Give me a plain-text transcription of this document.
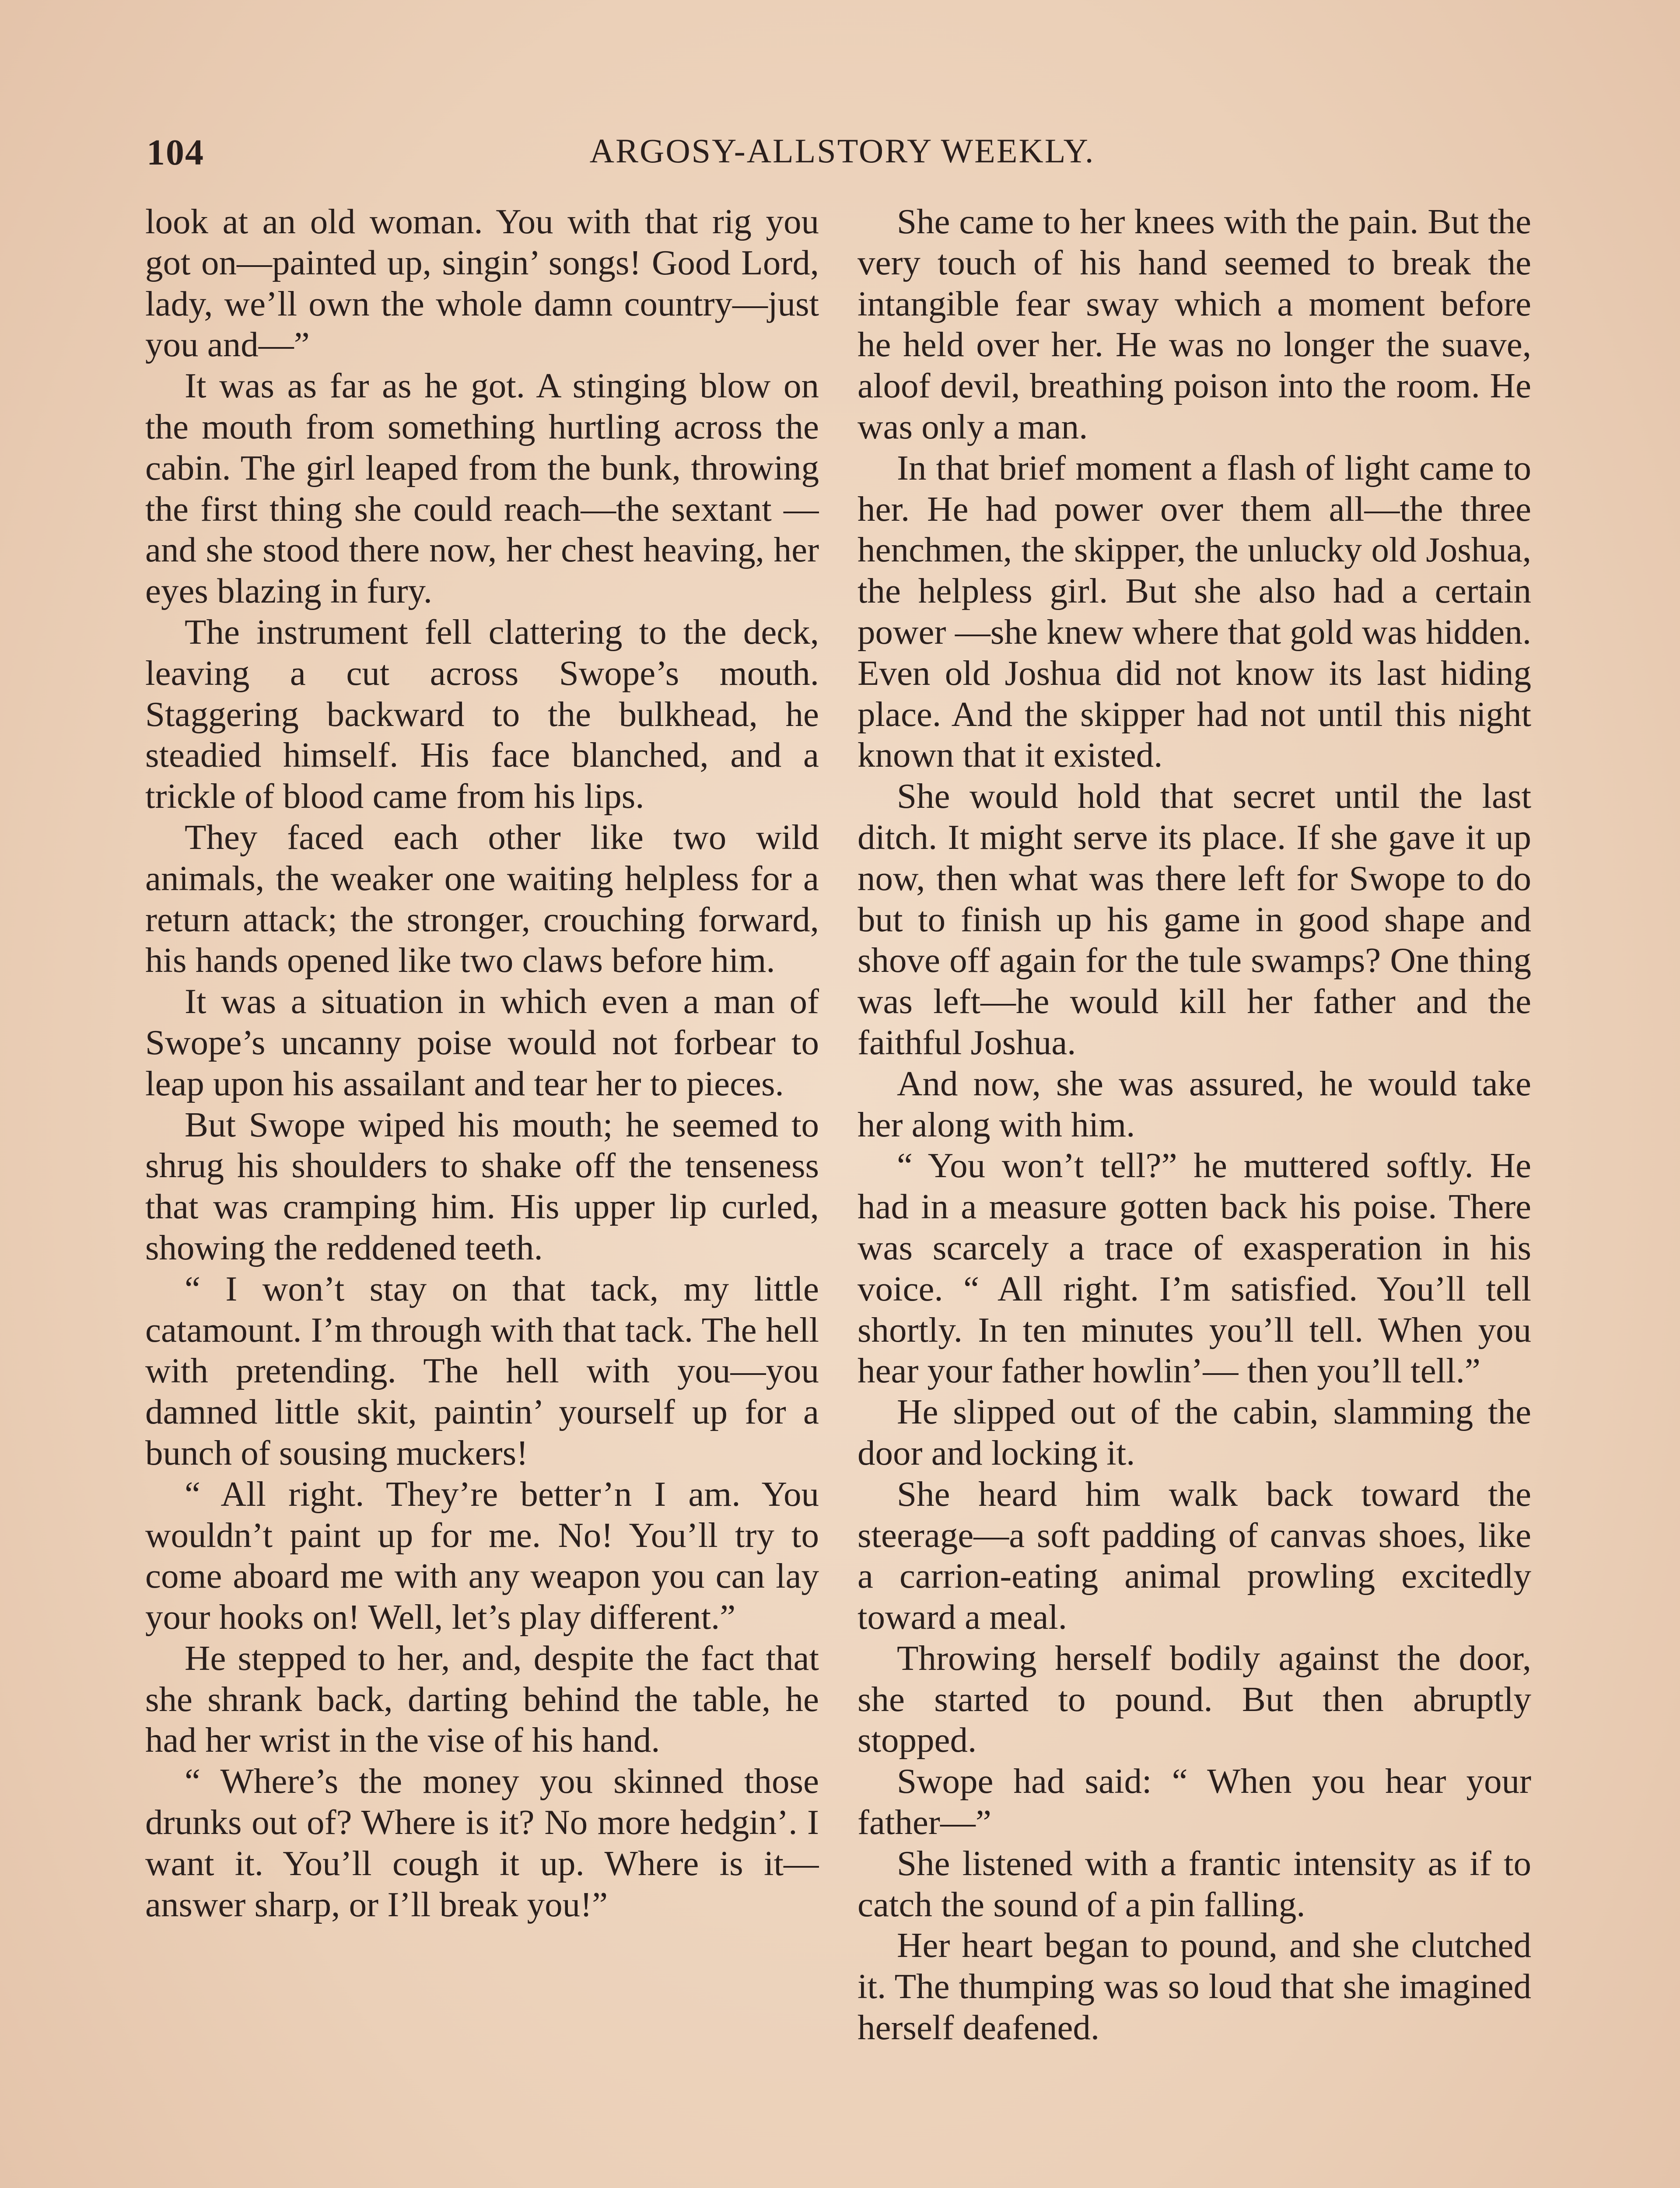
104	ARGOSY-ALLSTORY WEEKLY.

look at an old woman. You with that rig you got on—painted up, singin’ songs! Good Lord, lady, we’ll own the whole damn country—just you and—”

It was as far as he got. A stinging blow on the mouth from something hurtling across the cabin. The girl leaped from the bunk, throwing the first thing she could reach—the sextant —and she stood there now, her chest heaving, her eyes blazing in fury.

The instrument fell clattering to the deck, leaving a cut across Swope’s mouth. Staggering backward to the bulkhead, he steadied himself. His face blanched, and a trickle of blood came from his lips.

They faced each other like two wild animals, the weaker one waiting helpless for a return attack; the stronger, crouching forward, his hands opened like two claws before him.

It was a situation in which even a man of Swope’s uncanny poise would not forbear to leap upon his assailant and tear her to pieces.

But Swope wiped his mouth; he seemed to shrug his shoulders to shake off the tenseness that was cramping him. His upper lip curled, showing the reddened teeth.

“ I won’t stay on that tack, my little catamount. I’m through with that tack. The hell with pretending. The hell with you—you damned little skit, paintin’ yourself up for a bunch of sousing muckers!

“ All right. They’re better’n I am. You wouldn’t paint up for me. No! You’ll try to come aboard me with any weapon you can lay your hooks on! Well, let’s play different.”

He stepped to her, and, despite the fact that she shrank back, darting behind the table, he had her wrist in the vise of his hand.

“ Where’s the money you skinned those drunks out of? Where is it? No more hedgin’. I want it. You’ll cough it up. Where is it—answer sharp, or I’ll break you!”

She came to her knees with the pain. But the very touch of his hand seemed to break the intangible fear sway which a moment before he held over her. He was no longer the suave, aloof devil, breathing poison into the room. He was only a man.

In that brief moment a flash of light came to her. He had power over them all—the three henchmen, the skipper, the unlucky old Joshua, the helpless girl. But she also had a certain power —she knew where that gold was hidden. Even old Joshua did not know its last hiding place. And the skipper had not until this night known that it existed.

She would hold that secret until the last ditch. It might serve its place. If she gave it up now, then what was there left for Swope to do but to finish up his game in good shape and shove off again for the tule swamps? One thing was left—he would kill her father and the faithful Joshua.

And now, she was assured, he would take her along with him.

“ You won’t tell?” he muttered softly. He had in a measure gotten back his poise. There was scarcely a trace of exasperation in his voice. “ All right. I’m satisfied. You’ll tell shortly. In ten minutes you’ll tell. When you hear your father howlin’— then you’ll tell.”

He slipped out of the cabin, slamming the door and locking it.

She heard him walk back toward the steerage—a soft padding of canvas shoes, like a carrion-eating animal prowling excitedly toward a meal.

Throwing herself bodily against the door, she started to pound. But then abruptly stopped.

Swope had said: “ When you hear your father—”

She listened with a frantic intensity as if to catch the sound of a pin falling.

Her heart began to pound, and she clutched it. The thumping was so loud that she imagined herself deafened.
